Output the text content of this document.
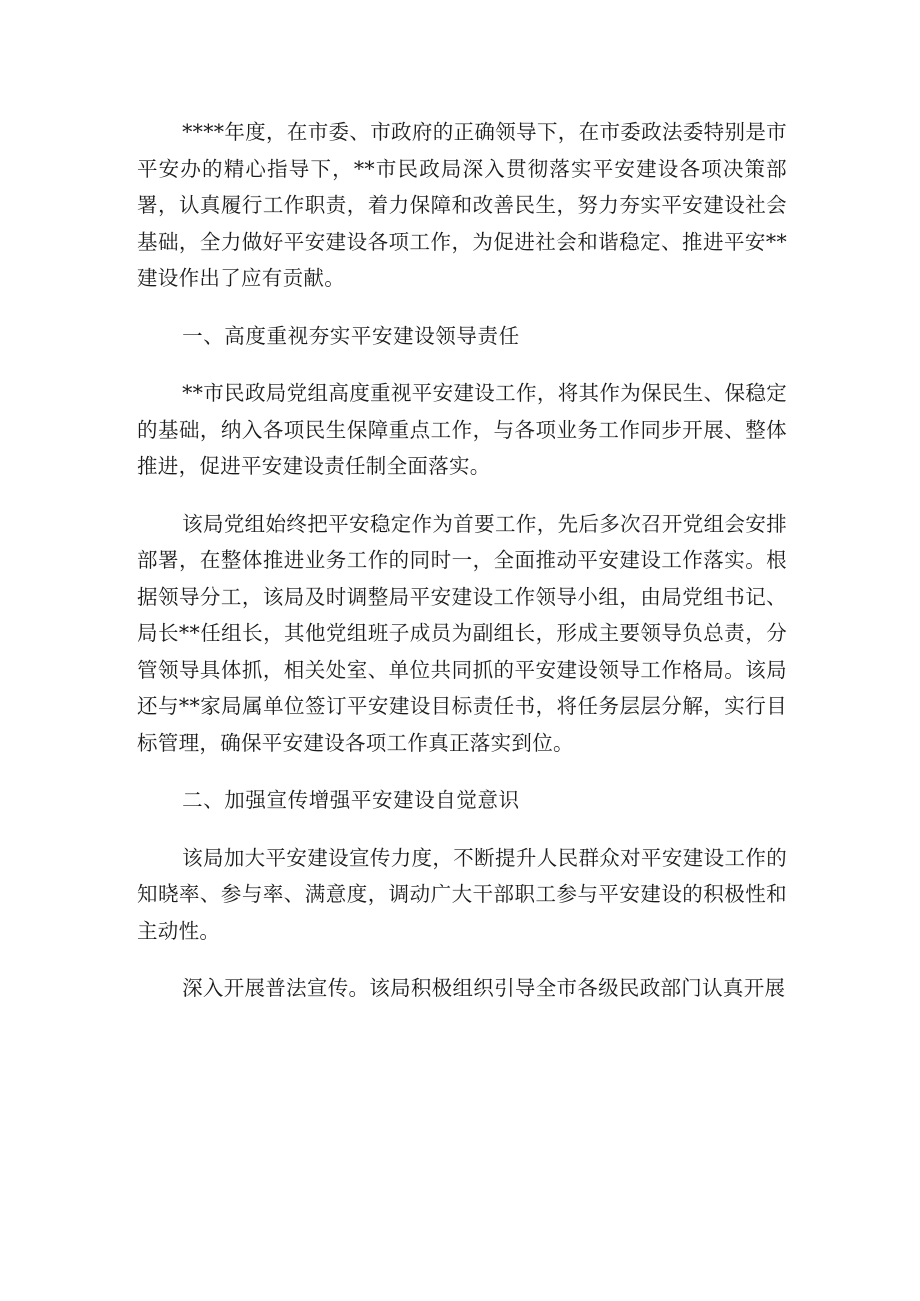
****年度，在市委、市政府的正确领导下，在市委政法委特别是市平安办的精心指导下，**市民政局深入贯彻落实平安建设各项决策部署，认真履行工作职责，着力保障和改善民生，努力夯实平安建设社会基础，全力做好平安建设各项工作，为促进社会和谐稳定、推进平安**建设作出了应有贡献。

一、高度重视夯实平安建设领导责任

**市民政局党组高度重视平安建设工作，将其作为保民生、保稳定的基础，纳入各项民生保障重点工作，与各项业务工作同步开展、整体推进，促进平安建设责任制全面落实。

该局党组始终把平安稳定作为首要工作，先后多次召开党组会安排部署，在整体推进业务工作的同时一，全面推动平安建设工作落实。根据领导分工，该局及时调整局平安建设工作领导小组，由局党组书记、局长**任组长，其他党组班子成员为副组长，形成主要领导负总责，分管领导具体抓，相关处室、单位共同抓的平安建设领导工作格局。该局还与**家局属单位签订平安建设目标责任书，将任务层层分解，实行目标管理，确保平安建设各项工作真正落实到位。

二、加强宣传增强平安建设自觉意识

该局加大平安建设宣传力度，不断提升人民群众对平安建设工作的知晓率、参与率、满意度，调动广大干部职工参与平安建设的积极性和主动性。

深入开展普法宣传。该局积极组织引导全市各级民政部门认真开展
